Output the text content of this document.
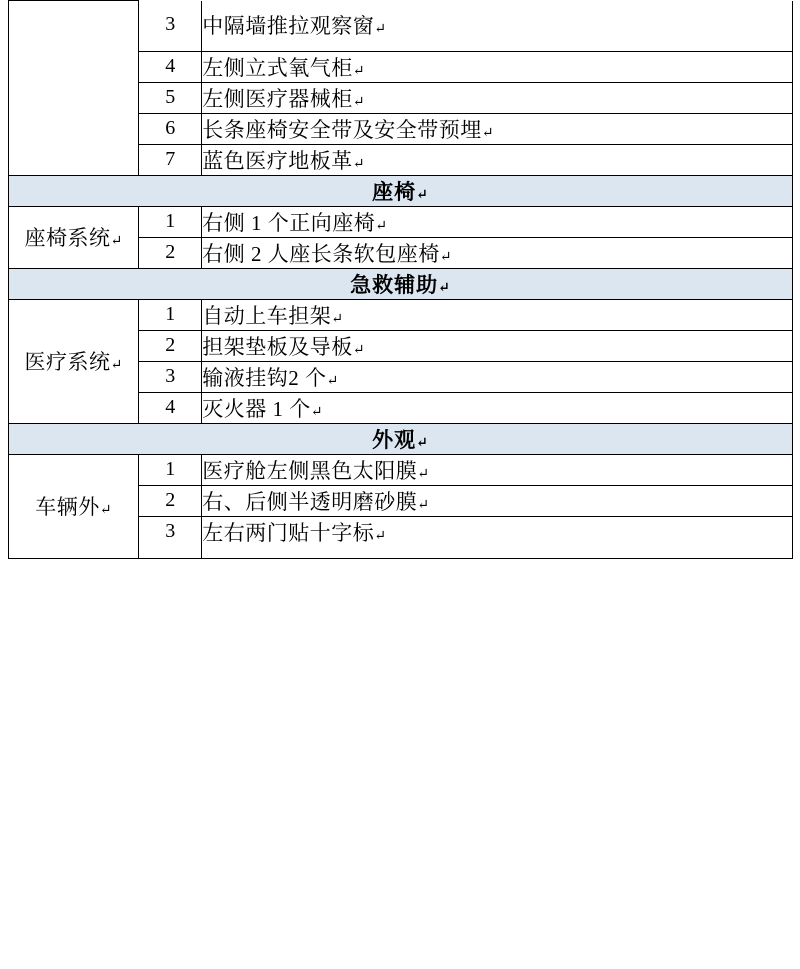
	3	中隔墙推拉观察窗↵
	4	左侧立式氧气柜↵
	5	左侧医疗器械柜↵
	6	长条座椅安全带及安全带预埋↵
	7	蓝色医疗地板革↵
座椅↵		
座椅系统↵	1	右侧 1 个正向座椅↵
	2	右侧 2 人座长条软包座椅↵
急救辅助↵		
医疗系统↵	1	自动上车担架↵
	2	担架垫板及导板↵
	3	输液挂钩2 个↵
	4	灭火器 1 个↵
外观↵		
车辆外↵	1	医疗舱左侧黑色太阳膜↵
	2	右、后侧半透明磨砂膜↵
	3	左右两门贴十字标↵
